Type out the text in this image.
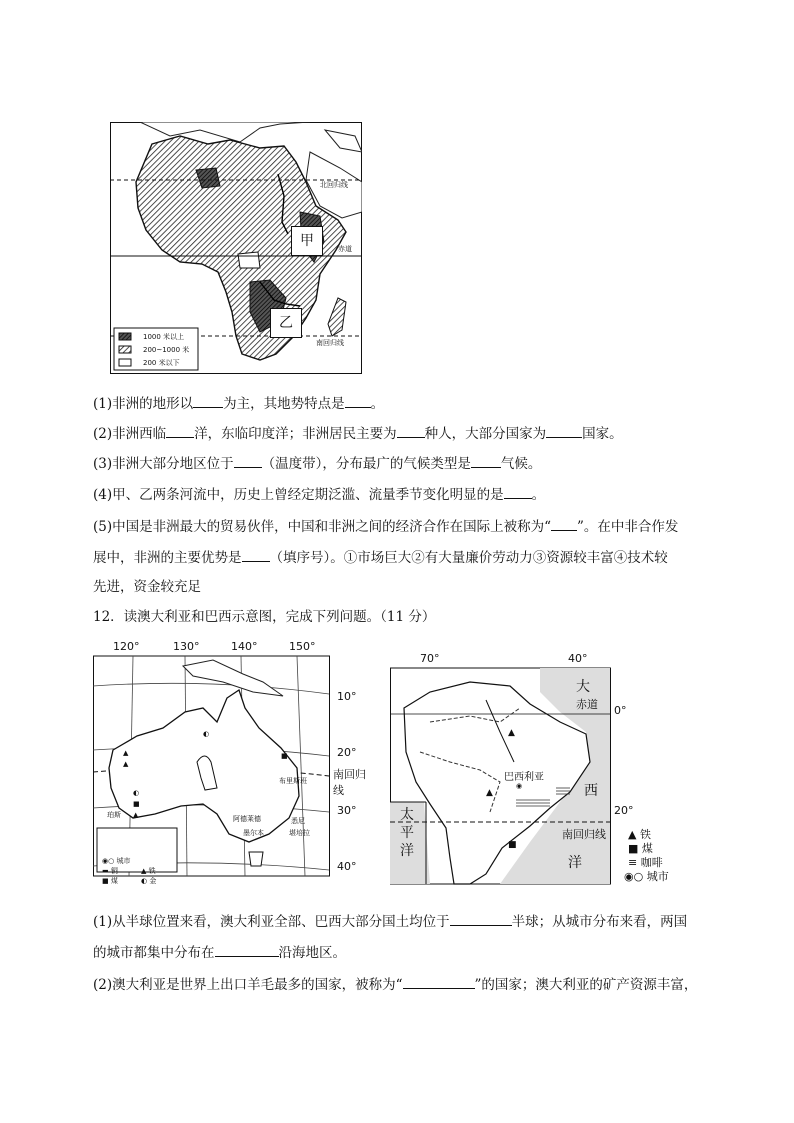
甲
乙
北回归线
赤道
南回归线
1000 米以上
200~1000 米
200 米以下
(1)非洲的地形以 为主，其地势特点是 。
(2)非洲西临 洋，东临印度洋；非洲居民主要为 种人，大部分国家为	国家。
(3)非洲大部分地区位于 （温度带），分布最广的气候类型是 气候。
(4)甲、乙两条河流中，历史上曾经定期泛滥、流量季节变化明显的是 。
(5)中国是非洲最大的贸易伙伴，中国和非洲之间的经济合作在国际上被称为“ ”。在中非合作发
展中，非洲的主要优势是 （填序号）。①市场巨大②有大量廉价劳动力③资源较丰富④技术较
先进，资金较充足
12．读澳大利亚和巴西示意图，完成下列问题。（11 分）
120°	130°	140°	150°
10°
20°
南回归线
30°
40°
布里斯班
珀斯	阿德莱德
墨尔本
悉尼
堪培拉
▲
▲
◐
■
▲
■
◐
◉○ 城市
▬ 铜	▲ 铁
■ 煤	◐ 金
70°	40°
0°
20°
大
赤道
西
南回归线
洋
太
平
洋
巴西利亚
◉
▲
▲
■
▲ 铁
■ 煤
≡ 咖啡
◉○ 城市
(1)从半球位置来看，澳大利亚全部、巴西大部分国土均位于	半球；从城市分布来看，两国
的城市都集中分布在	沿海地区。
(2)澳大利亚是世界上出口羊毛最多的国家，被称为“	”的国家；澳大利亚的矿产资源丰富，
